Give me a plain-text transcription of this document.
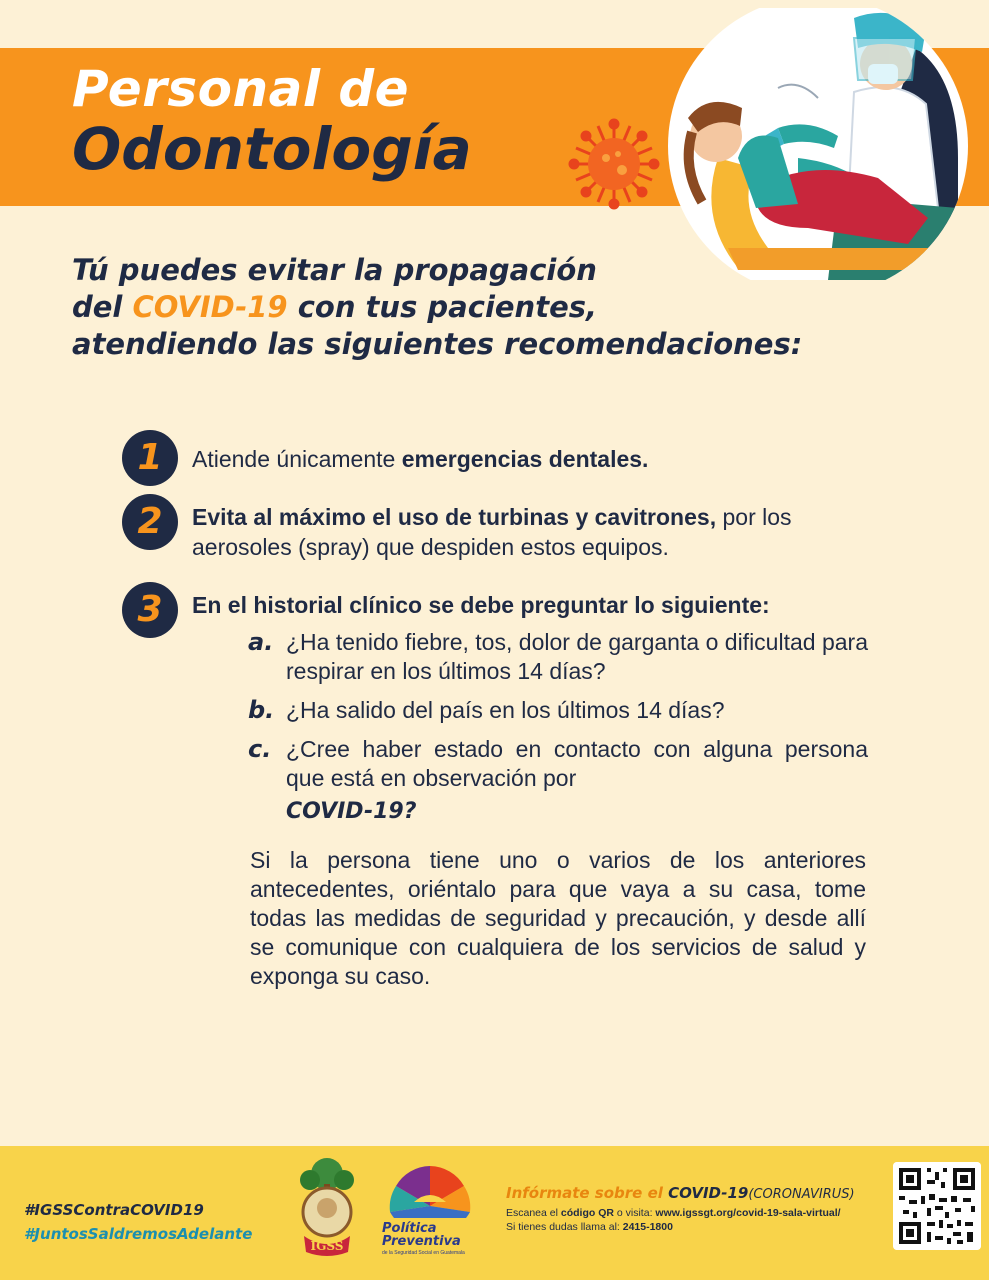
Personal de
Odontología

Tú puedes evitar la propagación
del COVID-19 con tus pacientes,
atendiendo las siguientes recomendaciones:

1	Atiende únicamente emergencias dentales.
2	Evita al máximo el uso de turbinas y cavitrones, por los aerosoles (spray) que despiden estos equipos.
3	En el historial clínico se debe preguntar lo siguiente:
a. ¿Ha tenido fiebre, tos, dolor de garganta o dificultad para respirar en los últimos 14 días?
b. ¿Ha salido del país en los últimos 14 días?
c. ¿Cree haber estado en contacto con alguna persona que está en observación por
COVID-19?

Si la persona tiene uno o varios de los anteriores antecedentes, oriéntalo para que vaya a su casa, tome todas las medidas de seguridad y precaución, y desde allí se comunique con cualquiera de los servicios de salud y exponga su caso.

#IGSSContraCOVID19
#JuntosSaldremosAdelante
IGSS
Política
Preventiva
de la Seguridad Social en Guatemala
Infórmate sobre el COVID-19(CORONAVIRUS)
Escanea el código QR o visita: www.igssgt.org/covid-19-sala-virtual/
Si tienes dudas llama al: 2415-1800
